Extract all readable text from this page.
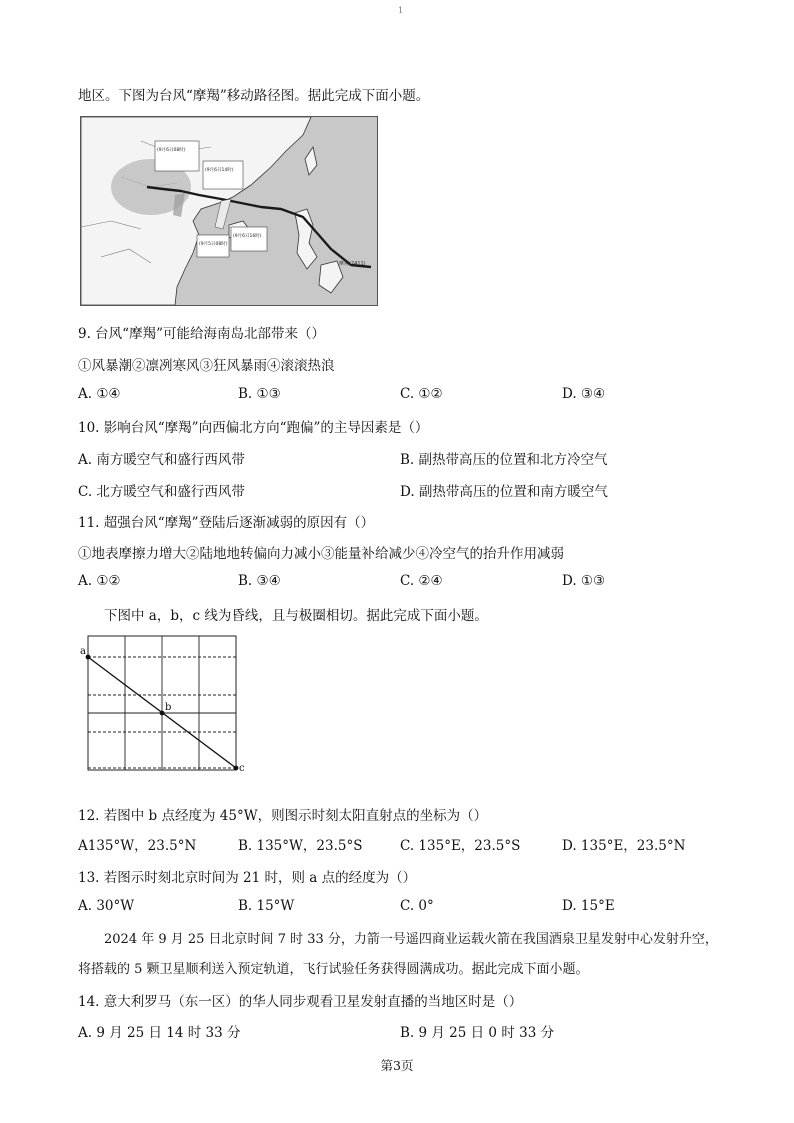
1
地区。下图为台风“摩羯”移动路径图。据此完成下面小题。
(9月6日08时)
(9月6日14时)
(9月6日16时)
(9月5日08时)
摩羯(2411)
9. 台风“摩羯”可能给海南岛北部带来（）
①风暴潮②凛冽寒风③狂风暴雨④滚滚热浪
A. ①④	B. ①③	C. ①②	D. ③④
10. 影响台风“摩羯”向西偏北方向“跑偏”的主导因素是（）
A. 南方暖空气和盛行西风带	B. 副热带高压的位置和北方冷空气
C. 北方暖空气和盛行西风带	D. 副热带高压的位置和南方暖空气
11. 超强台风“摩羯”登陆后逐渐减弱的原因有（）
①地表摩擦力增大②陆地地转偏向力减小③能量补给减少④冷空气的抬升作用减弱
A. ①②	B. ③④	C. ②④	D. ①③
下图中 a，b，c 线为昏线，且与极圈相切。据此完成下面小题。
a
b
c
12. 若图中 b 点经度为 45°W，则图示时刻太阳直射点的坐标为（）
A135°W，23.5°N	B. 135°W，23.5°S	C. 135°E，23.5°S	D. 135°E，23.5°N
13. 若图示时刻北京时间为 21 时，则 a 点的经度为（）
A. 30°W	B. 15°W	C. 0°	D. 15°E
2024 年 9 月 25 日北京时间 7 时 33 分，力箭一号遥四商业运载火箭在我国酒泉卫星发射中心发射升空，
将搭载的 5 颗卫星顺利送入预定轨道，飞行试验任务获得圆满成功。据此完成下面小题。
14. 意大利罗马（东一区）的华人同步观看卫星发射直播的当地区时是（）
A. 9 月 25 日 14 时 33 分	B. 9 月 25 日 0 时 33 分
第3页
